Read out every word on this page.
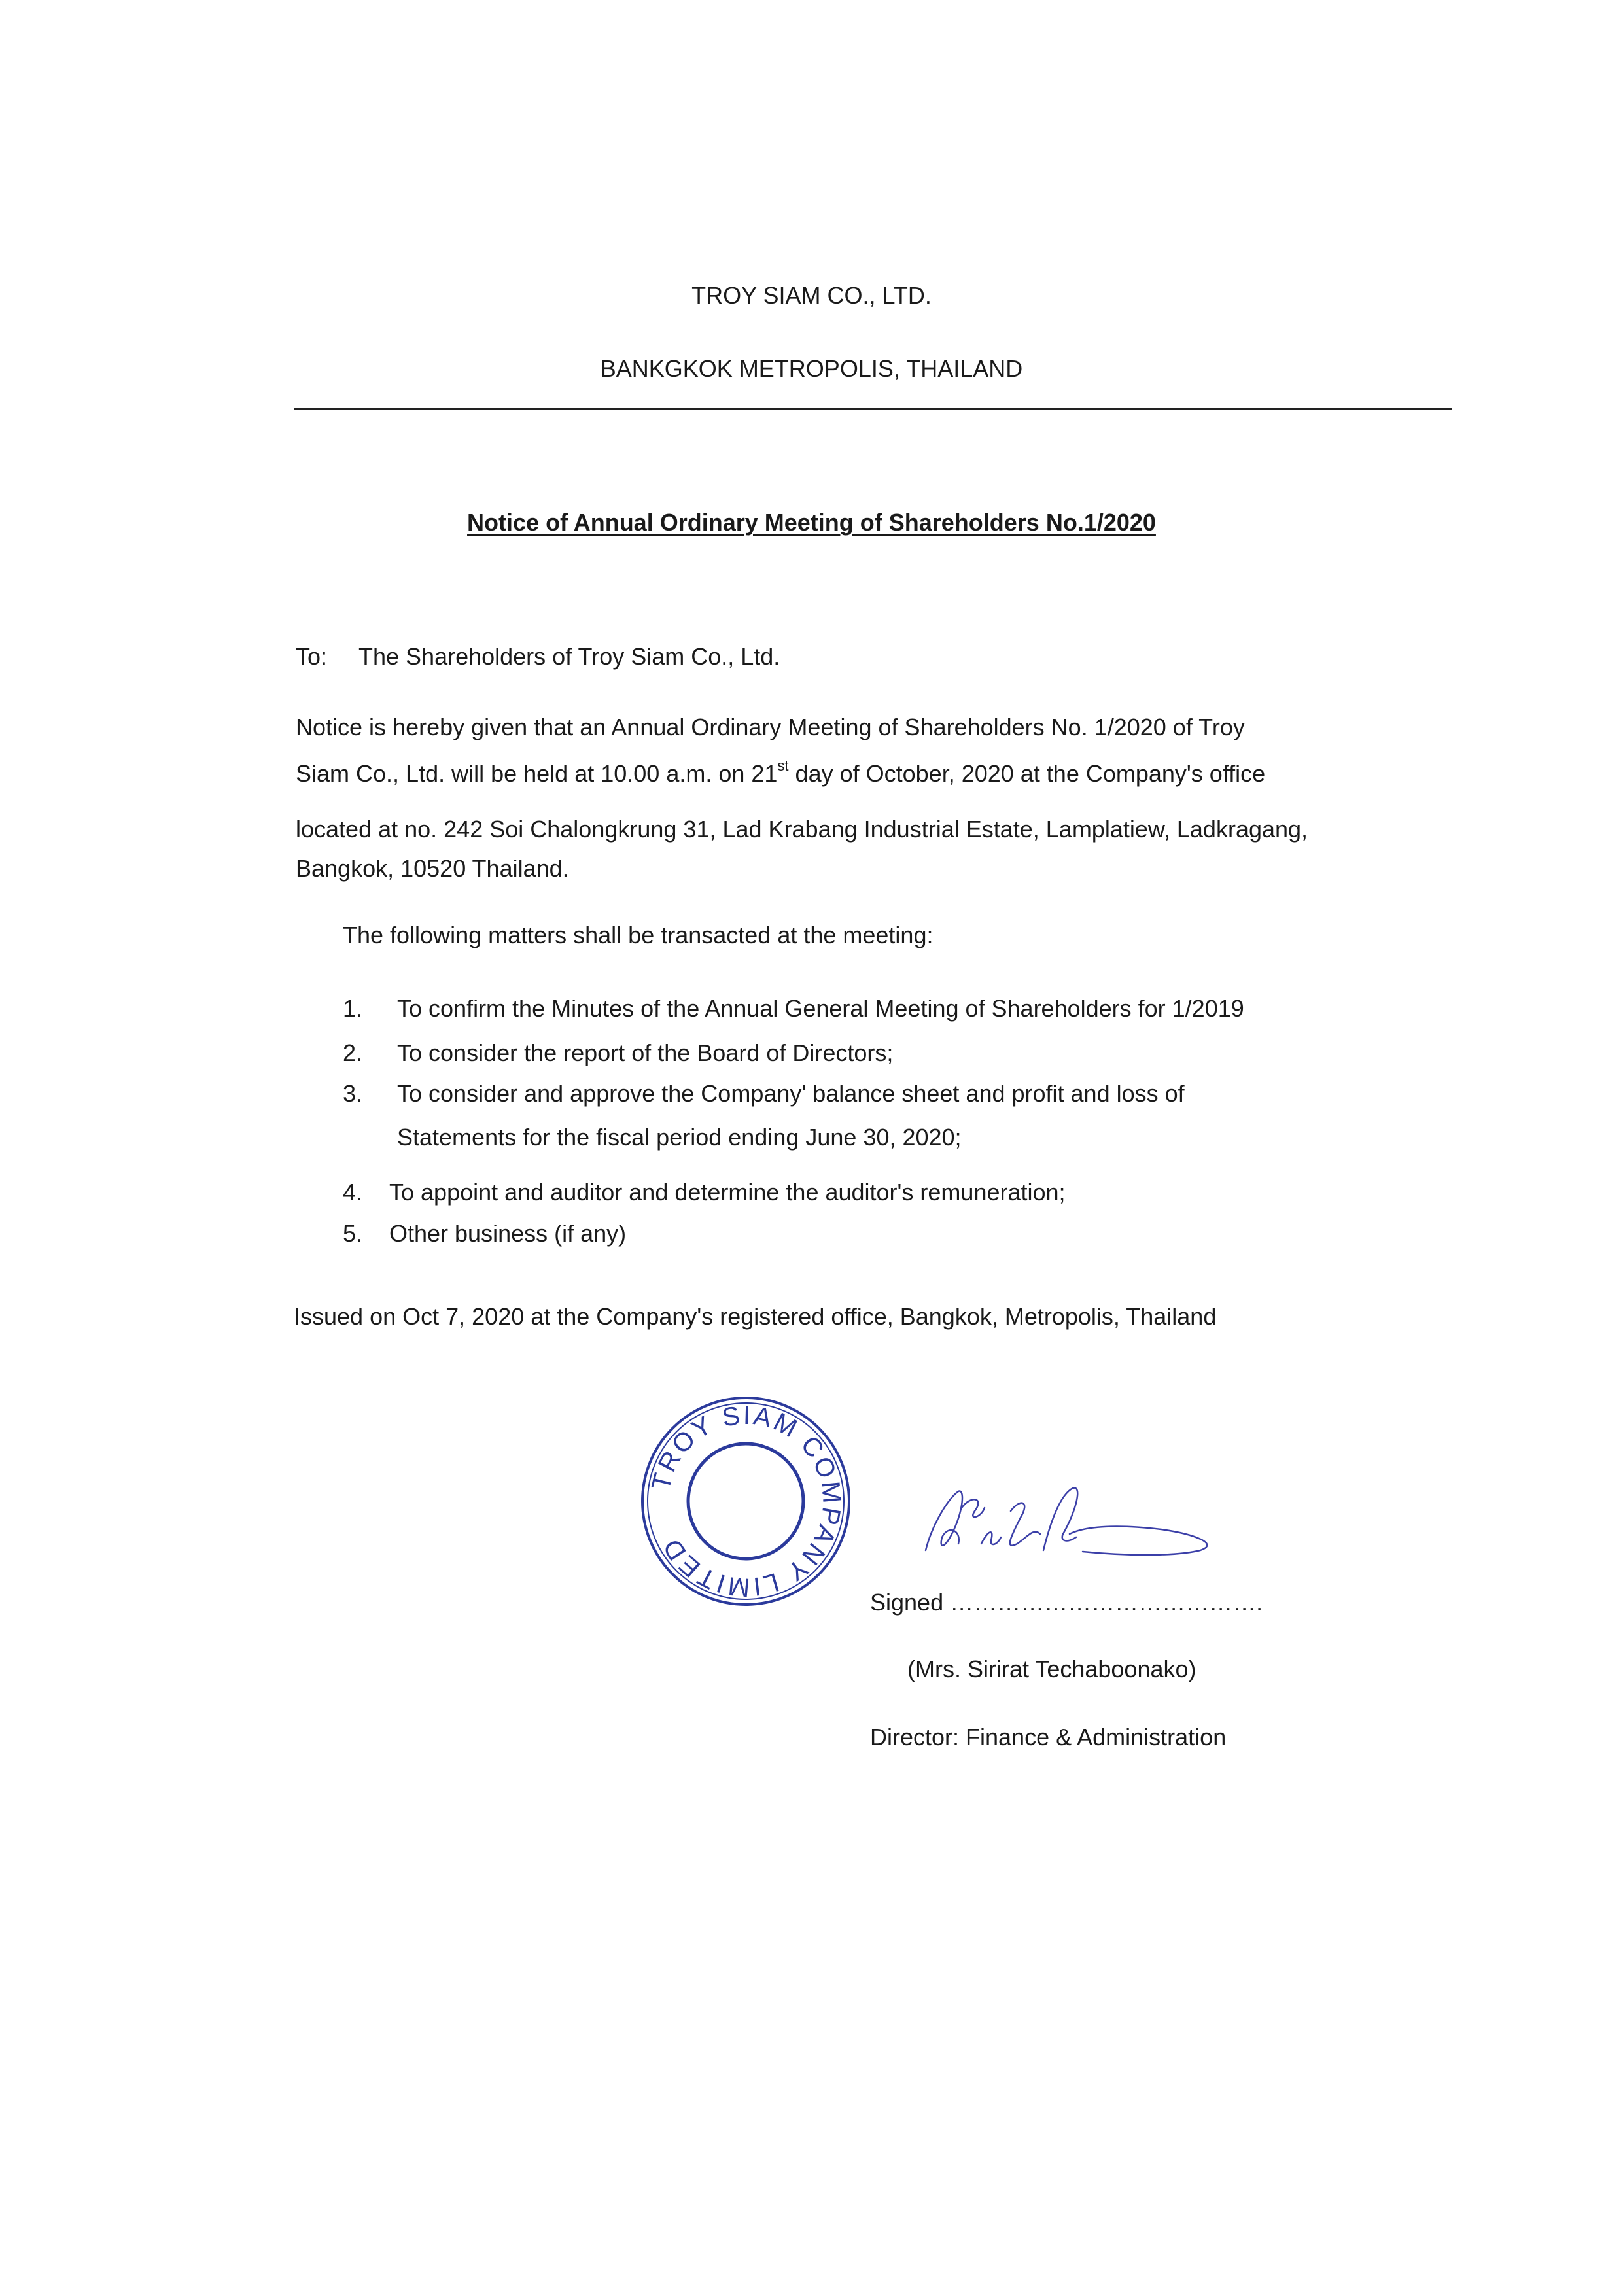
TROY SIAM CO., LTD.
BANKGKOK METROPOLIS, THAILAND
Notice of Annual Ordinary Meeting of Shareholders No.1/2020
To: The Shareholders of Troy Siam Co., Ltd.
Notice is hereby given that an Annual Ordinary Meeting of Shareholders No. 1/2020 of Troy
Siam Co., Ltd. will be held at 10.00 a.m. on 21st day of October, 2020 at the Company's office
located at no. 242 Soi Chalongkrung 31, Lad Krabang Industrial Estate, Lamplatiew, Ladkragang,
Bangkok, 10520 Thailand.
The following matters shall be transacted at the meeting:
1. To confirm the Minutes of the Annual General Meeting of Shareholders for 1/2019
2. To consider the report of the Board of Directors;
3. To consider and approve the Company' balance sheet and profit and loss of
Statements for the fiscal period ending June 30, 2020;
4. To appoint and auditor and determine the auditor's remuneration;
5. Other business (if any)
Issued on Oct 7, 2020 at the Company's registered office, Bangkok, Metropolis, Thailand
TROY SIAM COMPANY LIMITED
Signed ………………………………….
(Mrs. Sirirat Techaboonako)
Director: Finance & Administration
